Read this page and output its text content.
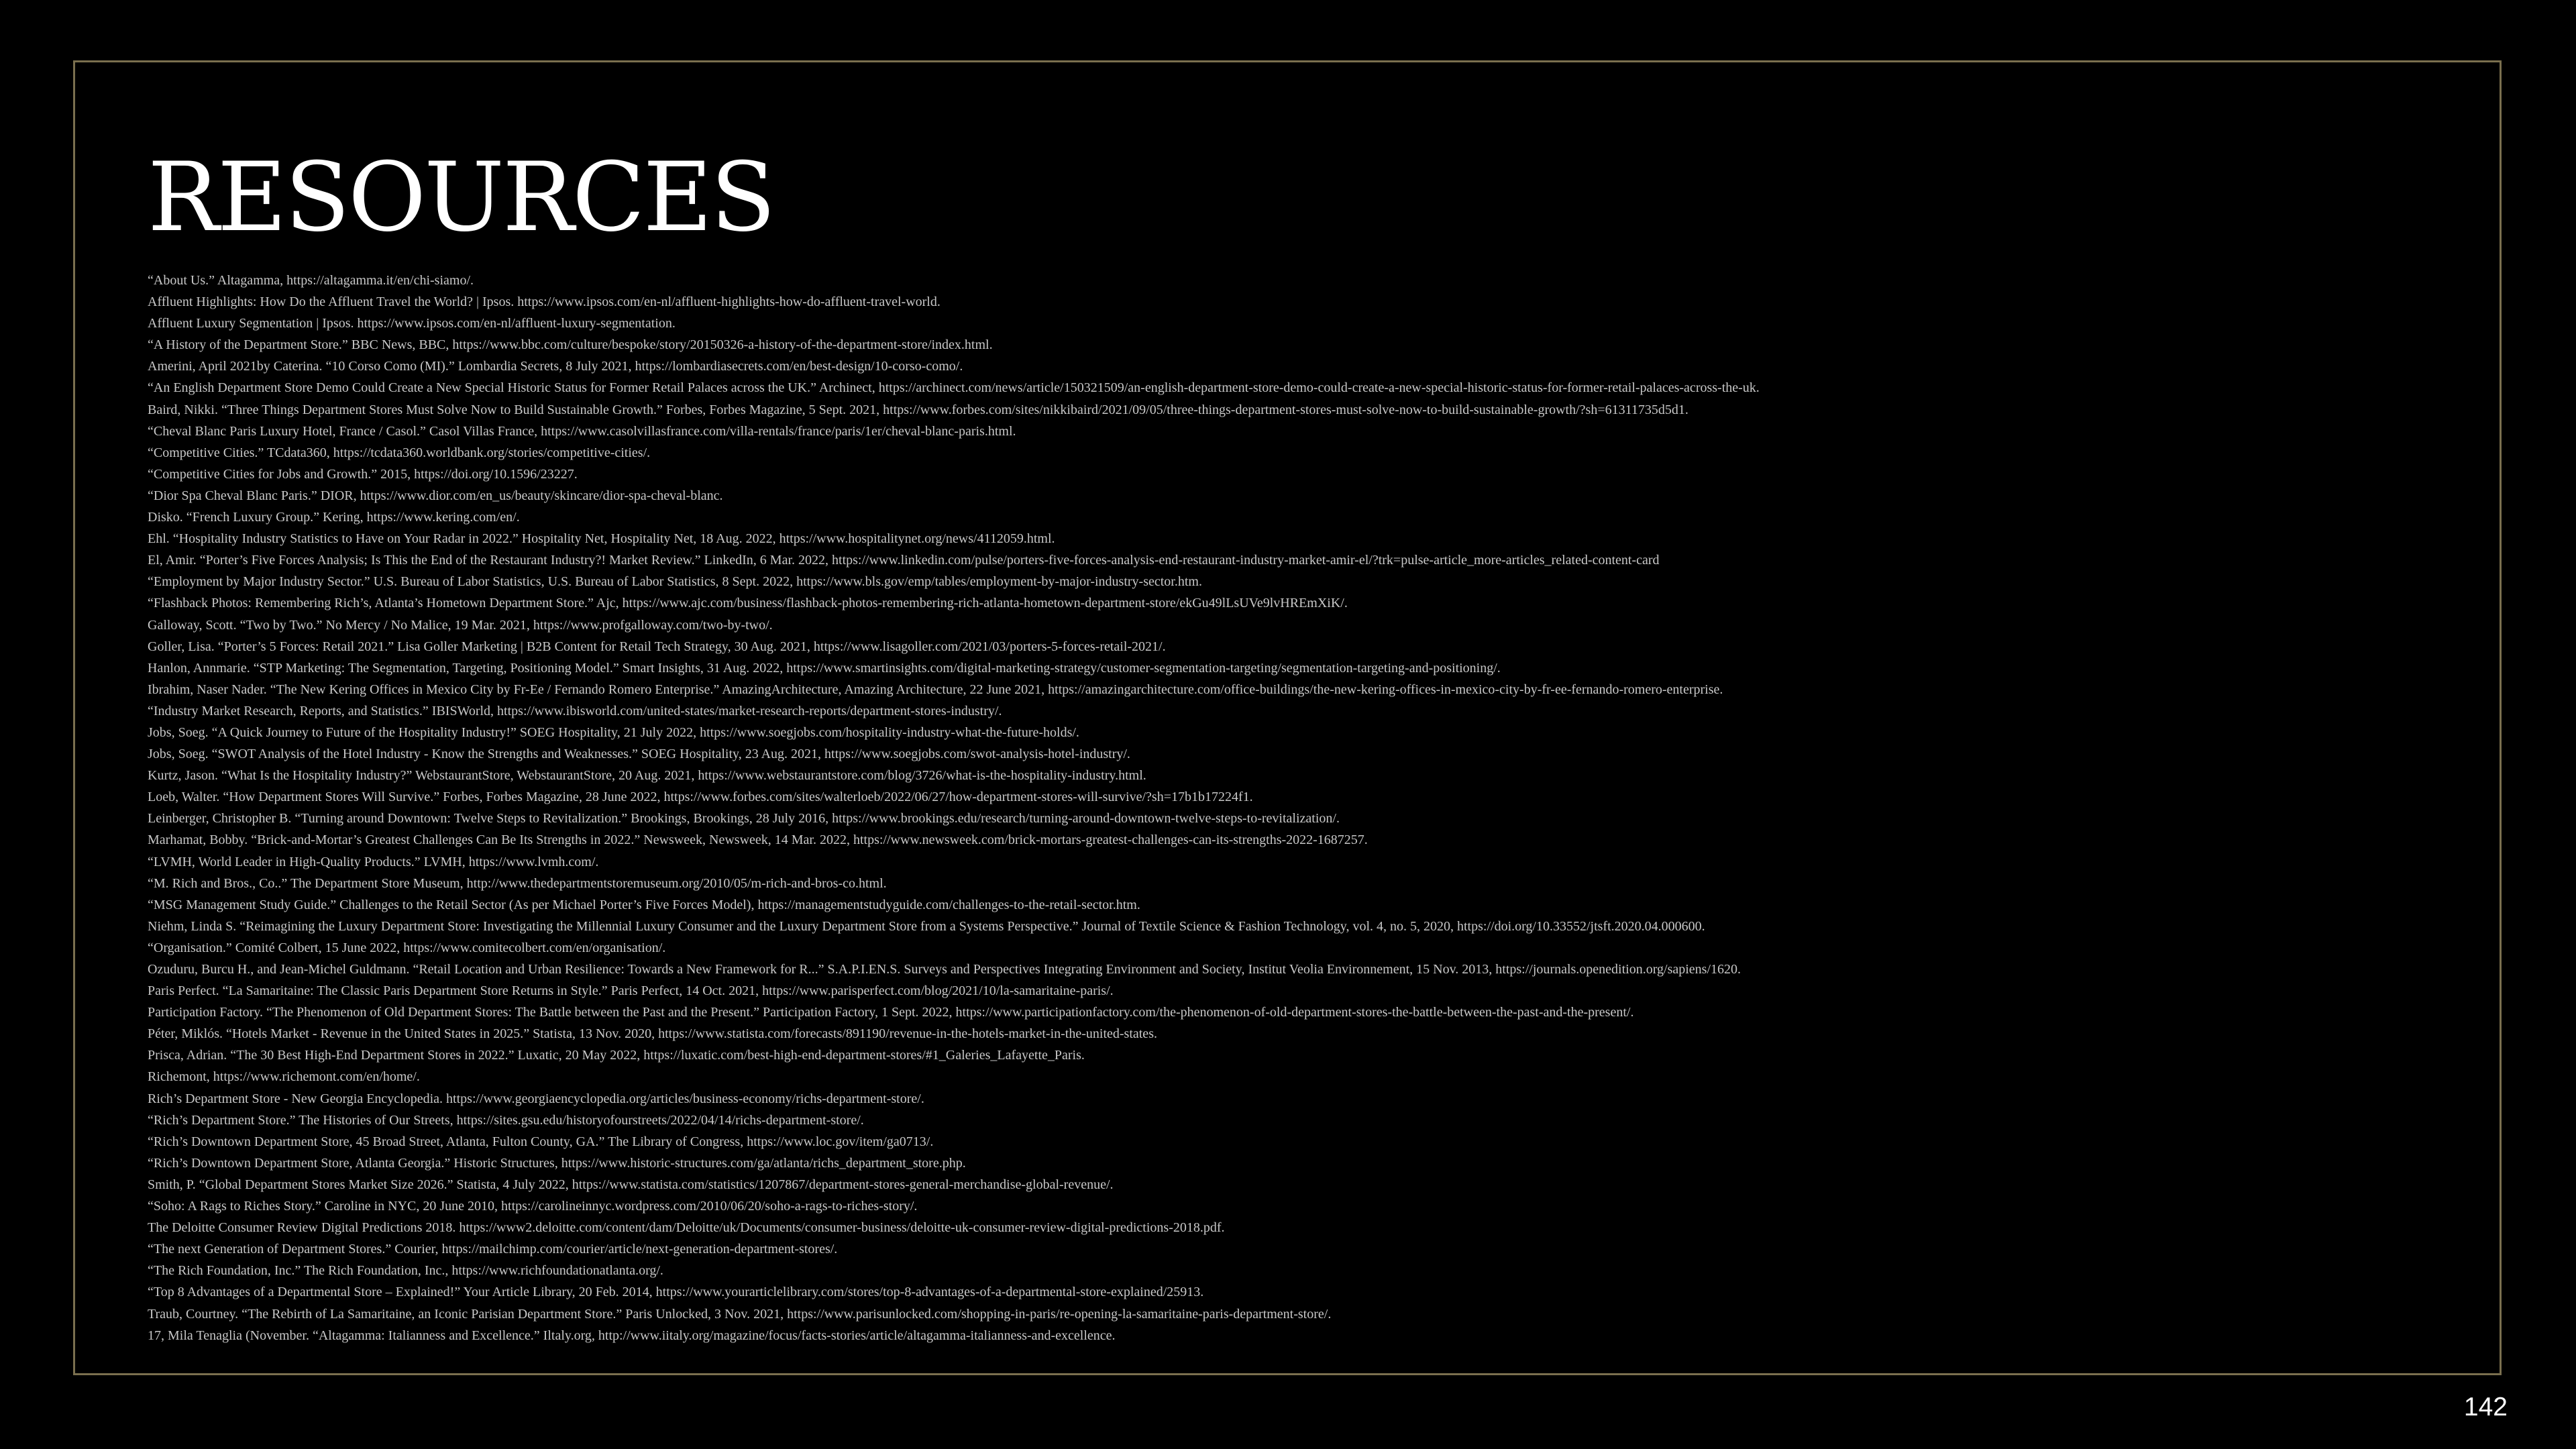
RESOURCES
“About Us.” Altagamma, https://altagamma.it/en/chi-siamo/.
Affluent Highlights: How Do the Affluent Travel the World? | Ipsos. https://www.ipsos.com/en-nl/affluent-highlights-how-do-affluent-travel-world.
Affluent Luxury Segmentation | Ipsos. https://www.ipsos.com/en-nl/affluent-luxury-segmentation.
“A History of the Department Store.” BBC News, BBC, https://www.bbc.com/culture/bespoke/story/20150326-a-history-of-the-department-store/index.html.
Amerini, April 2021by Caterina. “10 Corso Como (MI).” Lombardia Secrets, 8 July 2021, https://lombardiasecrets.com/en/best-design/10-corso-como/.
“An English Department Store Demo Could Create a New Special Historic Status for Former Retail Palaces across the UK.” Archinect, https://archinect.com/news/article/150321509/an-english-department-store-demo-could-create-a-new-special-historic-status-for-former-retail-palaces-across-the-uk.
Baird, Nikki. “Three Things Department Stores Must Solve Now to Build Sustainable Growth.” Forbes, Forbes Magazine, 5 Sept. 2021, https://www.forbes.com/sites/nikkibaird/2021/09/05/three-things-department-stores-must-solve-now-to-build-sustainable-growth/?sh=61311735d5d1.
“Cheval Blanc Paris Luxury Hotel, France / Casol.” Casol Villas France, https://www.casolvillasfrance.com/villa-rentals/france/paris/1er/cheval-blanc-paris.html.
“Competitive Cities.” TCdata360, https://tcdata360.worldbank.org/stories/competitive-cities/.
“Competitive Cities for Jobs and Growth.” 2015, https://doi.org/10.1596/23227.
“Dior Spa Cheval Blanc Paris.” DIOR, https://www.dior.com/en_us/beauty/skincare/dior-spa-cheval-blanc.
Disko. “French Luxury Group.” Kering, https://www.kering.com/en/.
Ehl. “Hospitality Industry Statistics to Have on Your Radar in 2022.” Hospitality Net, Hospitality Net, 18 Aug. 2022, https://www.hospitalitynet.org/news/4112059.html.
El, Amir. “Porter’s Five Forces Analysis; Is This the End of the Restaurant Industry?! Market Review.” LinkedIn, 6 Mar. 2022, https://www.linkedin.com/pulse/porters-five-forces-analysis-end-restaurant-industry-market-amir-el/?trk=pulse-article_more-articles_related-content-card
“Employment by Major Industry Sector.” U.S. Bureau of Labor Statistics, U.S. Bureau of Labor Statistics, 8 Sept. 2022, https://www.bls.gov/emp/tables/employment-by-major-industry-sector.htm.
“Flashback Photos: Remembering Rich’s, Atlanta’s Hometown Department Store.” Ajc, https://www.ajc.com/business/flashback-photos-remembering-rich-atlanta-hometown-department-store/ekGu49lLsUVe9lvHREmXiK/.
Galloway, Scott. “Two by Two.” No Mercy / No Malice, 19 Mar. 2021, https://www.profgalloway.com/two-by-two/.
Goller, Lisa. “Porter’s 5 Forces: Retail 2021.” Lisa Goller Marketing | B2B Content for Retail Tech Strategy, 30 Aug. 2021, https://www.lisagoller.com/2021/03/porters-5-forces-retail-2021/.
Hanlon, Annmarie. “STP Marketing: The Segmentation, Targeting, Positioning Model.” Smart Insights, 31 Aug. 2022, https://www.smartinsights.com/digital-marketing-strategy/customer-segmentation-targeting/segmentation-targeting-and-positioning/.
Ibrahim, Naser Nader. “The New Kering Offices in Mexico City by Fr-Ee / Fernando Romero Enterprise.” AmazingArchitecture, Amazing Architecture, 22 June 2021, https://amazingarchitecture.com/office-buildings/the-new-kering-offices-in-mexico-city-by-fr-ee-fernando-romero-enterprise.
“Industry Market Research, Reports, and Statistics.” IBISWorld, https://www.ibisworld.com/united-states/market-research-reports/department-stores-industry/.
Jobs, Soeg. “A Quick Journey to Future of the Hospitality Industry!” SOEG Hospitality, 21 July 2022, https://www.soegjobs.com/hospitality-industry-what-the-future-holds/.
Jobs, Soeg. “SWOT Analysis of the Hotel Industry - Know the Strengths and Weaknesses.” SOEG Hospitality, 23 Aug. 2021, https://www.soegjobs.com/swot-analysis-hotel-industry/.
Kurtz, Jason. “What Is the Hospitality Industry?” WebstaurantStore, WebstaurantStore, 20 Aug. 2021, https://www.webstaurantstore.com/blog/3726/what-is-the-hospitality-industry.html.
Loeb, Walter. “How Department Stores Will Survive.” Forbes, Forbes Magazine, 28 June 2022, https://www.forbes.com/sites/walterloeb/2022/06/27/how-department-stores-will-survive/?sh=17b1b17224f1.
Leinberger, Christopher B. “Turning around Downtown: Twelve Steps to Revitalization.” Brookings, Brookings, 28 July 2016, https://www.brookings.edu/research/turning-around-downtown-twelve-steps-to-revitalization/.
Marhamat, Bobby. “Brick-and-Mortar’s Greatest Challenges Can Be Its Strengths in 2022.” Newsweek, Newsweek, 14 Mar. 2022, https://www.newsweek.com/brick-mortars-greatest-challenges-can-its-strengths-2022-1687257.
“LVMH, World Leader in High-Quality Products.” LVMH, https://www.lvmh.com/.
“M. Rich and Bros., Co..” The Department Store Museum, http://www.thedepartmentstoremuseum.org/2010/05/m-rich-and-bros-co.html.
“MSG Management Study Guide.” Challenges to the Retail Sector (As per Michael Porter’s Five Forces Model), https://managementstudyguide.com/challenges-to-the-retail-sector.htm.
Niehm, Linda S. “Reimagining the Luxury Department Store: Investigating the Millennial Luxury Consumer and the Luxury Department Store from a Systems Perspective.” Journal of Textile Science & Fashion Technology, vol. 4, no. 5, 2020, https://doi.org/10.33552/jtsft.2020.04.000600.
“Organisation.” Comité Colbert, 15 June 2022, https://www.comitecolbert.com/en/organisation/.
Ozuduru, Burcu H., and Jean-Michel Guldmann. “Retail Location and Urban Resilience: Towards a New Framework for R...” S.A.P.I.EN.S. Surveys and Perspectives Integrating Environment and Society, Institut Veolia Environnement, 15 Nov. 2013, https://journals.openedition.org/sapiens/1620.
Paris Perfect. “La Samaritaine: The Classic Paris Department Store Returns in Style.” Paris Perfect, 14 Oct. 2021, https://www.parisperfect.com/blog/2021/10/la-samaritaine-paris/.
Participation Factory. “The Phenomenon of Old Department Stores: The Battle between the Past and the Present.” Participation Factory, 1 Sept. 2022, https://www.participationfactory.com/the-phenomenon-of-old-department-stores-the-battle-between-the-past-and-the-present/.
Péter, Miklós. “Hotels Market - Revenue in the United States in 2025.” Statista, 13 Nov. 2020, https://www.statista.com/forecasts/891190/revenue-in-the-hotels-market-in-the-united-states.
Prisca, Adrian. “The 30 Best High-End Department Stores in 2022.” Luxatic, 20 May 2022, https://luxatic.com/best-high-end-department-stores/#1_Galeries_Lafayette_Paris.
Richemont, https://www.richemont.com/en/home/.
Rich’s Department Store - New Georgia Encyclopedia. https://www.georgiaencyclopedia.org/articles/business-economy/richs-department-store/.
“Rich’s Department Store.” The Histories of Our Streets, https://sites.gsu.edu/historyofourstreets/2022/04/14/richs-department-store/.
“Rich’s Downtown Department Store, 45 Broad Street, Atlanta, Fulton County, GA.” The Library of Congress, https://www.loc.gov/item/ga0713/.
“Rich’s Downtown Department Store, Atlanta Georgia.” Historic Structures, https://www.historic-structures.com/ga/atlanta/richs_department_store.php.
Smith, P. “Global Department Stores Market Size 2026.” Statista, 4 July 2022, https://www.statista.com/statistics/1207867/department-stores-general-merchandise-global-revenue/.
“Soho: A Rags to Riches Story.” Caroline in NYC, 20 June 2010, https://carolineinnyc.wordpress.com/2010/06/20/soho-a-rags-to-riches-story/.
The Deloitte Consumer Review Digital Predictions 2018. https://www2.deloitte.com/content/dam/Deloitte/uk/Documents/consumer-business/deloitte-uk-consumer-review-digital-predictions-2018.pdf.
“The next Generation of Department Stores.” Courier, https://mailchimp.com/courier/article/next-generation-department-stores/.
“The Rich Foundation, Inc.” The Rich Foundation, Inc., https://www.richfoundationatlanta.org/.
“Top 8 Advantages of a Departmental Store – Explained!” Your Article Library, 20 Feb. 2014, https://www.yourarticlelibrary.com/stores/top-8-advantages-of-a-departmental-store-explained/25913.
Traub, Courtney. “The Rebirth of La Samaritaine, an Iconic Parisian Department Store.” Paris Unlocked, 3 Nov. 2021, https://www.parisunlocked.com/shopping-in-paris/re-opening-la-samaritaine-paris-department-store/.
17, Mila Tenaglia (November. “Altagamma: Italianness and Excellence.” Iltaly.org, http://www.iitaly.org/magazine/focus/facts-stories/article/altagamma-italianness-and-excellence.
142
